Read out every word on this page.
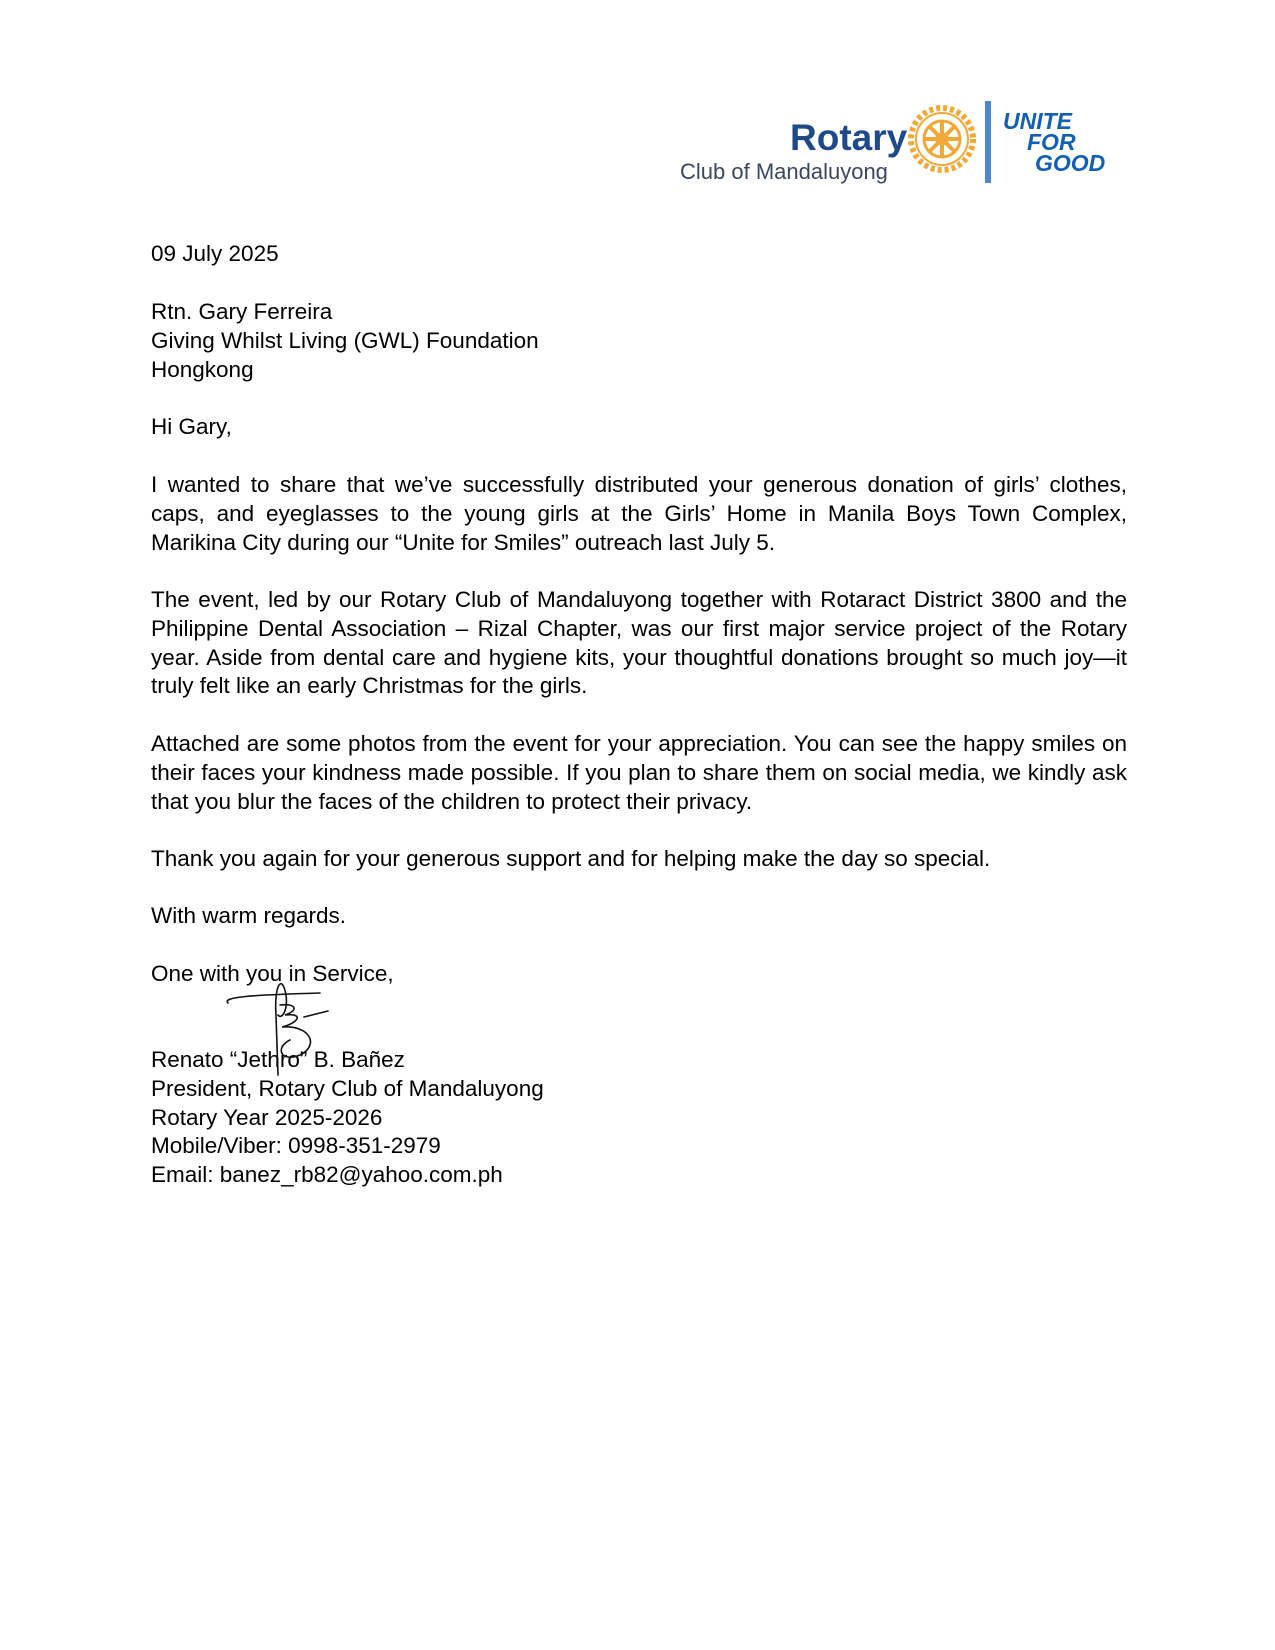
Rotary
Club of Mandaluyong
UNITE
FOR
GOOD
09 July 2025
Rtn. Gary Ferreira
Giving Whilst Living (GWL) Foundation
Hongkong
Hi Gary,
I wanted to share that we’ve successfully distributed your generous donation of girls’ clothes, caps, and eyeglasses to the young girls at the Girls’ Home in Manila Boys Town Complex, Marikina City during our “Unite for Smiles” outreach last July 5.
The event, led by our Rotary Club of Mandaluyong together with Rotaract District 3800 and the Philippine Dental Association – Rizal Chapter, was our first major service project of the Rotary year. Aside from dental care and hygiene kits, your thoughtful donations brought so much joy—it truly felt like an early Christmas for the girls.
Attached are some photos from the event for your appreciation. You can see the happy smiles on their faces your kindness made possible. If you plan to share them on social media, we kindly ask that you blur the faces of the children to protect their privacy.
Thank you again for your generous support and for helping make the day so special.
With warm regards.
One with you in Service,
Renato “Jethro” B. Bañez
President, Rotary Club of Mandaluyong
Rotary Year 2025-2026
Mobile/Viber: 0998-351-2979
Email: banez_rb82@yahoo.com.ph
